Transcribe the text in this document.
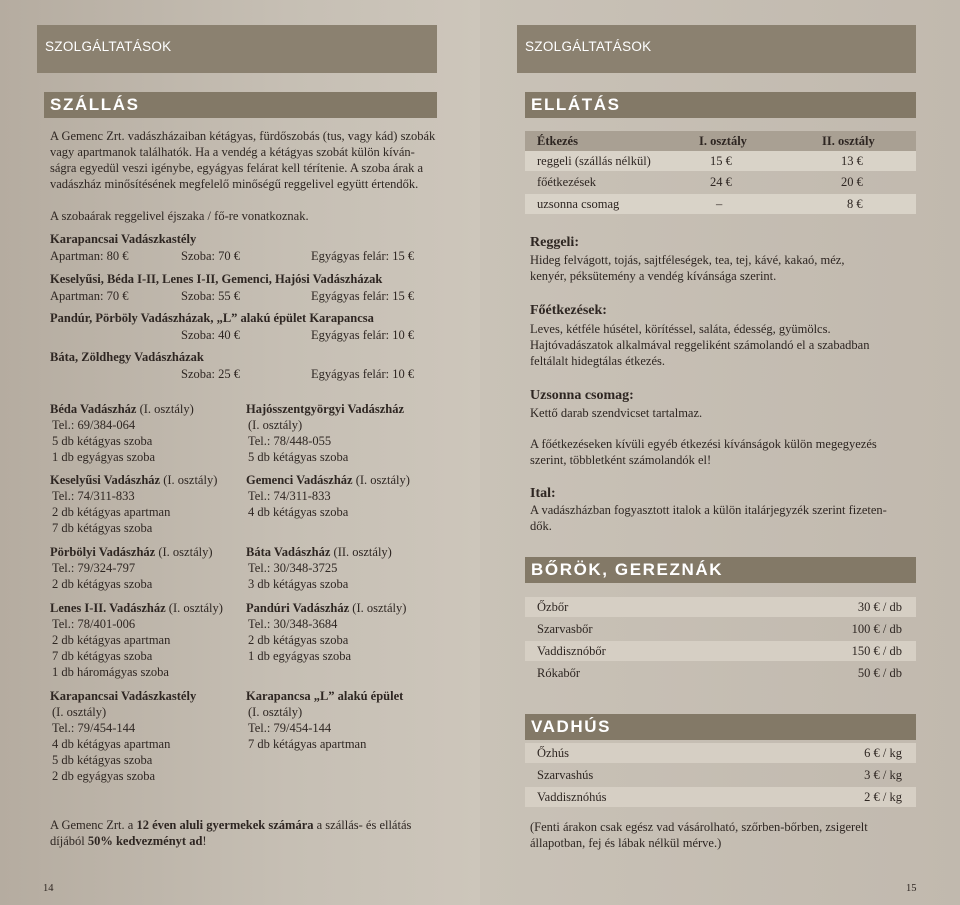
SZOLGÁLTATÁSOK
SZÁLLÁS
A Gemenc Zrt. vadászházaiban kétágyas, fürdőszobás (tus, vagy kád) szobák
vagy apartmanok találhatók. Ha a vendég a kétágyas szobát külön kíván-
ságra egyedül veszi igénybe, egyágyas felárat kell térítenie. A szoba árak a
vadászház minősítésének megfelelő minőségű reggelivel együtt értendők.
A szobaárak reggelivel éjszaka / fő-re vonatkoznak.
Karapancsai Vadászkastély
Apartman: 80 €	Szoba: 70 €	Egyágyas felár: 15 €
Keselyűsi, Béda I-II, Lenes I-II, Gemenci, Hajósi Vadászházak
Apartman: 70 €	Szoba: 55 €	Egyágyas felár: 15 €
Pandúr, Pörböly Vadászházak, „L” alakú épület Karapancsa
Szoba: 40 €	Egyágyas felár: 10 €
Báta, Zöldhegy Vadászházak
Szoba: 25 €	Egyágyas felár: 10 €
Béda Vadászház (I. osztály)
Tel.: 69/384-064
5 db kétágyas szoba
1 db egyágyas szoba
Keselyűsi Vadászház (I. osztály)
Tel.: 74/311-833
2 db kétágyas apartman
7 db kétágyas szoba
Pörbölyi Vadászház (I. osztály)
Tel.: 79/324-797
2 db kétágyas szoba
Lenes I-II. Vadászház (I. osztály)
Tel.: 78/401-006
2 db kétágyas apartman
7 db kétágyas szoba
1 db háromágyas szoba
Karapancsai Vadászkastély
(I. osztály)
Tel.: 79/454-144
4 db kétágyas apartman
5 db kétágyas szoba
2 db egyágyas szoba
Hajósszentgyörgyi Vadászház
(I. osztály)
Tel.: 78/448-055
5 db kétágyas szoba
Gemenci Vadászház (I. osztály)
Tel.: 74/311-833
4 db kétágyas szoba
Báta Vadászház (II. osztály)
Tel.: 30/348-3725
3 db kétágyas szoba
Pandúri Vadászház (I. osztály)
Tel.: 30/348-3684
2 db kétágyas szoba
1 db egyágyas szoba
Karapancsa „L” alakú épület
(I. osztály)
Tel.: 79/454-144
7 db kétágyas apartman
A Gemenc Zrt. a 12 éven aluli gyermekek számára a szállás- és ellátás
díjából 50% kedvezményt ad!
14
SZOLGÁLTATÁSOK
ELLÁTÁS
Étkezés	I. osztály	II. osztály
reggeli (szállás nélkül)	15 €	13 €
főétkezések	24 €	20 €
uzsonna csomag	–	8 €
Reggeli:
Hideg felvágott, tojás, sajtféleségek, tea, tej, kávé, kakaó, méz,
kenyér, péksütemény a vendég kívánsága szerint.
Főétkezések:
Leves, kétféle húsétel, körítéssel, saláta, édesség, gyümölcs.
Hajtóvadászatok alkalmával reggeliként számolandó el a szabadban
feltálalt hidegtálas étkezés.
Uzsonna csomag:
Kettő darab szendvicset tartalmaz.
A főétkezéseken kívüli egyéb étkezési kívánságok külön megegyezés
szerint, többletként számolandók el!
Ital:
A vadászházban fogyasztott italok a külön italárjegyzék szerint fizeten-
dők.
BŐRÖK, GEREZNÁK
Őzbőr	30 € / db
Szarvasbőr	100 € / db
Vaddisznóbőr	150 € / db
Rókabőr	50 € / db
VADHÚS
Őzhús	6 € / kg
Szarvashús	3 € / kg
Vaddisznóhús	2 € / kg
(Fenti árakon csak egész vad vásárolható, szőrben-bőrben, zsigerelt
állapotban, fej és lábak nélkül mérve.)
15
